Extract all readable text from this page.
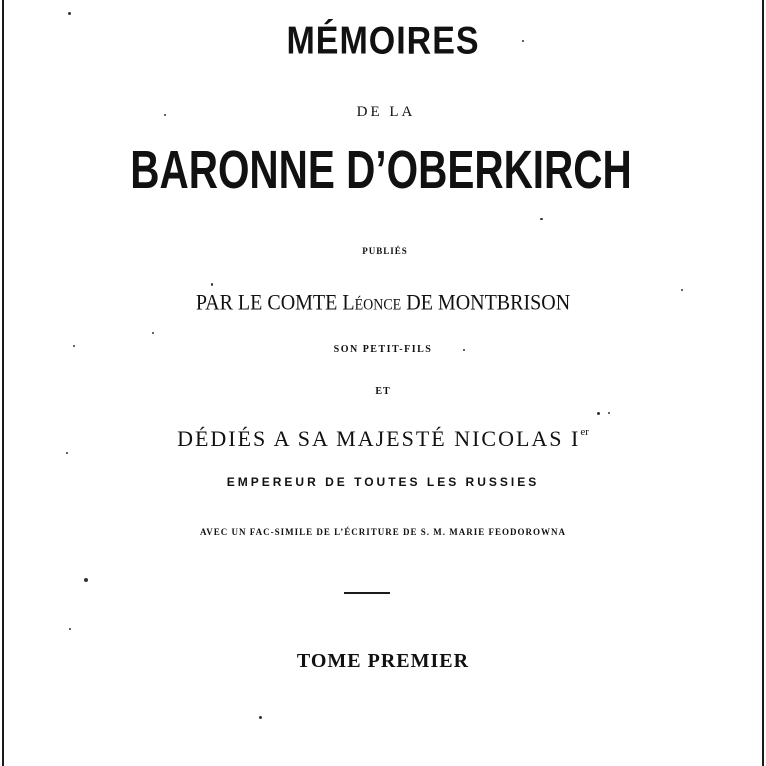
MÉMOIRES
DE LA
BARONNE D’OBERKIRCH
PUBLIÉS
PAR LE COMTE Léonce DE MONTBRISON
SON PETIT-FILS
ET
DÉDIÉS A SA MAJESTÉ NICOLAS Ier
EMPEREUR DE TOUTES LES RUSSIES
AVEC UN FAC-SIMILE DE L’ÉCRITURE DE S. M. MARIE FEODOROWNA
TOME PREMIER
